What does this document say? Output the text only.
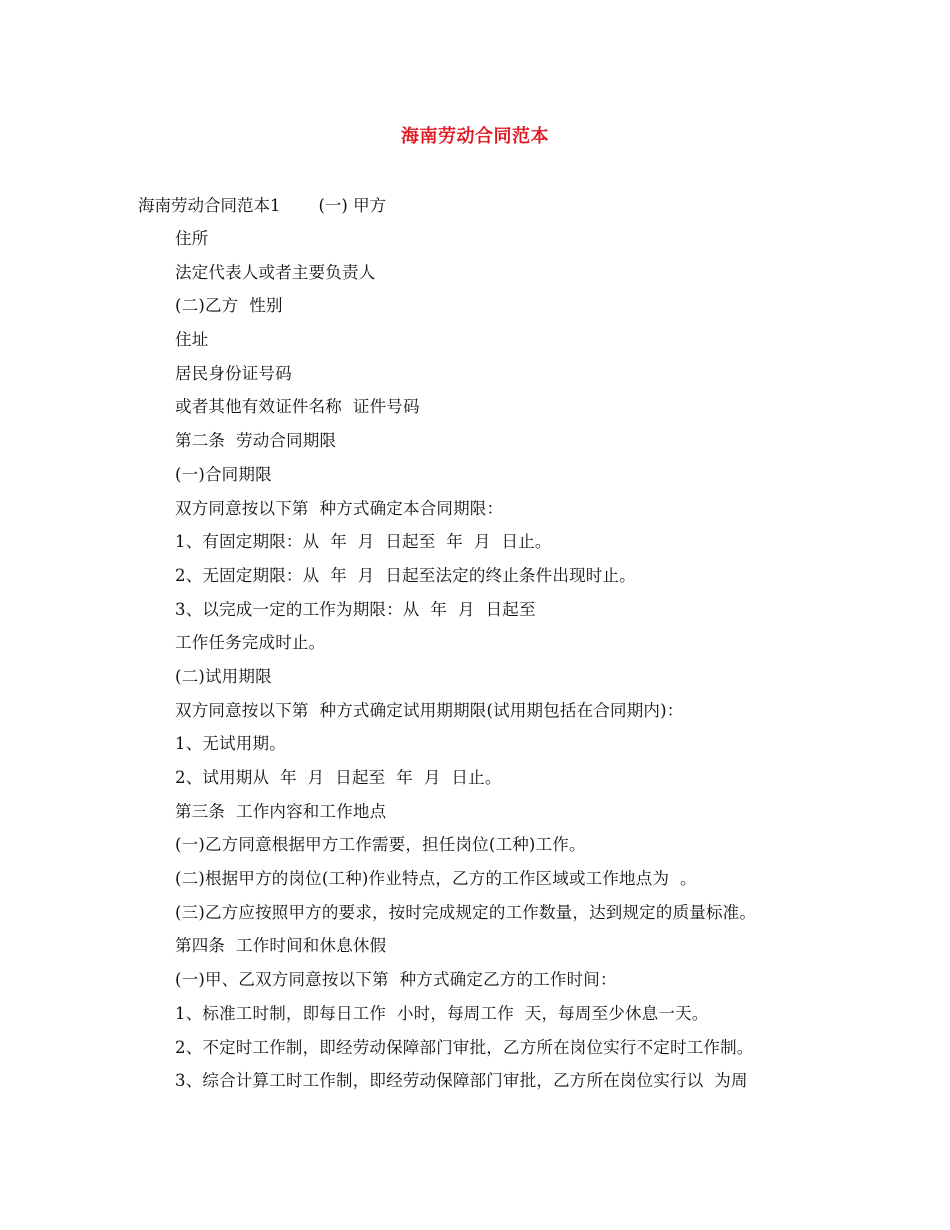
海南劳动合同范本
海南劳动合同范本1 (一) 甲方
住所
法定代表人或者主要负责人
(二)乙方  性别
住址
居民身份证号码
或者其他有效证件名称  证件号码
第二条  劳动合同期限
(一)合同期限
双方同意按以下第  种方式确定本合同期限：
1、有固定期限：从  年  月  日起至  年  月  日止。
2、无固定期限：从  年  月  日起至法定的终止条件出现时止。
3、以完成一定的工作为期限：从  年  月  日起至
工作任务完成时止。
(二)试用期限
双方同意按以下第  种方式确定试用期期限(试用期包括在合同期内)：
1、无试用期。
2、试用期从  年  月  日起至  年  月  日止。
第三条  工作内容和工作地点
(一)乙方同意根据甲方工作需要，担任岗位(工种)工作。
(二)根据甲方的岗位(工种)作业特点，乙方的工作区域或工作地点为  。
(三)乙方应按照甲方的要求，按时完成规定的工作数量，达到规定的质量标准。
第四条  工作时间和休息休假
(一)甲、乙双方同意按以下第  种方式确定乙方的工作时间：
1、标准工时制，即每日工作  小时，每周工作  天，每周至少休息一天。
2、不定时工作制，即经劳动保障部门审批，乙方所在岗位实行不定时工作制。
3、综合计算工时工作制，即经劳动保障部门审批，乙方所在岗位实行以  为周
